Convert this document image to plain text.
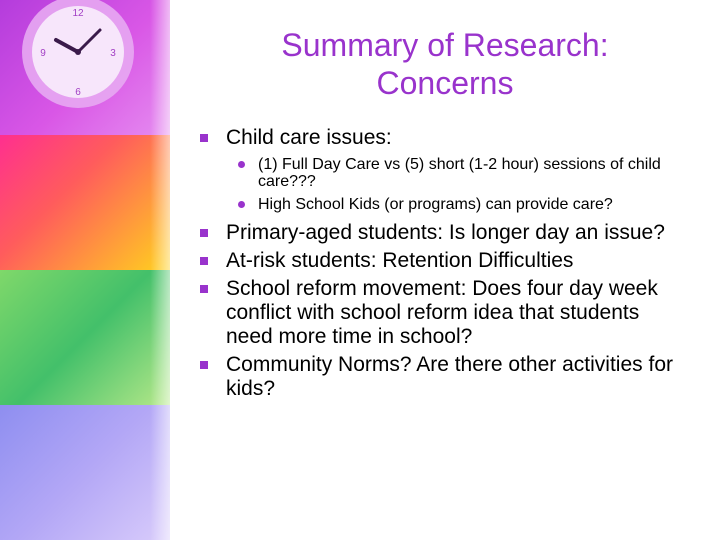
12
3
6
9	Summary of Research:
Concerns
Child care issues:
(1) Full Day Care vs (5) short (1-2 hour) sessions of child care???
High School Kids (or programs) can provide care?
Primary-aged students: Is longer day an issue?
At-risk students: Retention Difficulties
School reform movement: Does four day week conflict with school reform idea that students need more time in school?
Community Norms? Are there other activities for kids?
